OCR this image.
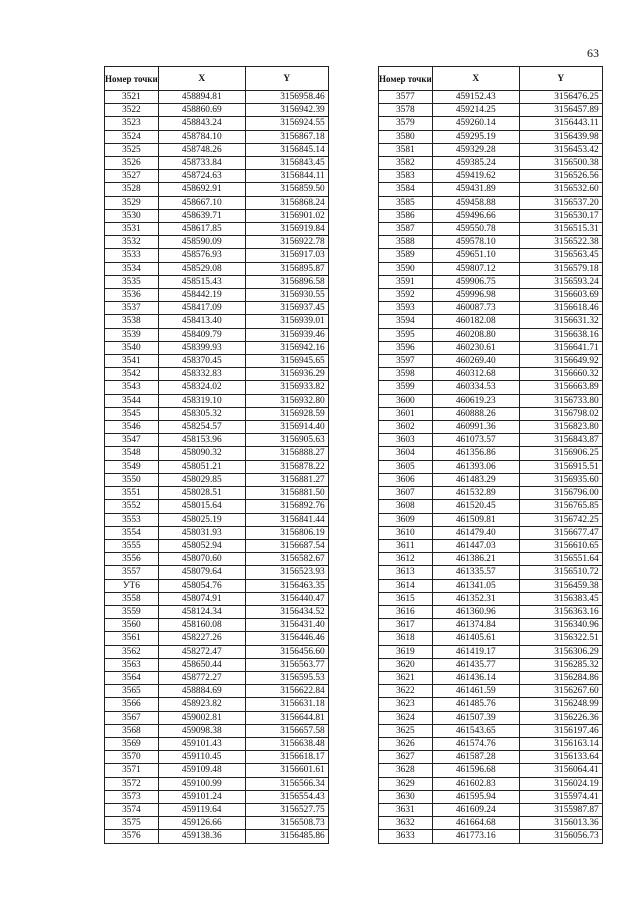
63
Номер точки	X	Y
3521	458894.81	3156958.46
3522	458860.69	3156942.39
3523	458843.24	3156924.55
3524	458784.10	3156867.18
3525	458748.26	3156845.14
3526	458733.84	3156843.45
3527	458724.63	3156844.11
3528	458692.91	3156859.50
3529	458667.10	3156868.24
3530	458639.71	3156901.02
3531	458617.85	3156919.84
3532	458590.09	3156922.78
3533	458576.93	3156917.03
3534	458529.08	3156895.87
3535	458515.43	3156896.58
3536	458442.19	3156930.55
3537	458417.09	3156937.45
3538	458413.40	3156939.01
3539	458409.79	3156939.46
3540	458399.93	3156942.16
3541	458370.45	3156945.65
3542	458332.83	3156936.29
3543	458324.02	3156933.82
3544	458319.10	3156932.80
3545	458305.32	3156928.59
3546	458254.57	3156914.40
3547	458153.96	3156905.63
3548	458090.32	3156888.27
3549	458051.21	3156878.22
3550	458029.85	3156881.27
3551	458028.51	3156881.50
3552	458015.64	3156892.76
3553	458025.19	3156841.44
3554	458031.93	3156806.19
3555	458052.94	3156687.54
3556	458070.60	3156582.67
3557	458079.64	3156523.93
УТ6	458054.76	3156463.35
3558	458074.91	3156440.47
3559	458124.34	3156434.52
3560	458160.08	3156431.40
3561	458227.26	3156446.46
3562	458272.47	3156456.60
3563	458650.44	3156563.77
3564	458772.27	3156595.53
3565	458884.69	3156622.84
3566	458923.82	3156631.18
3567	459002.81	3156644.81
3568	459098.38	3156657.58
3569	459101.43	3156638.48
3570	459110.45	3156618.17
3571	459109.48	3156601.61
3572	459100.99	3156566.34
3573	459101.24	3156554.43
3574	459119.64	3156527.75
3575	459126.66	3156508.73
3576	459138.36	3156485.86
Номер точки	X	Y
3577	459152.43	3156476.25
3578	459214.25	3156457.89
3579	459260.14	3156443.11
3580	459295.19	3156439.98
3581	459329.28	3156453.42
3582	459385.24	3156500.38
3583	459419.62	3156526.56
3584	459431.89	3156532.60
3585	459458.88	3156537.20
3586	459496.66	3156530.17
3587	459550.78	3156515.31
3588	459578.10	3156522.38
3589	459651.10	3156563.45
3590	459807.12	3156579.18
3591	459906.75	3156593.24
3592	459996.98	3156603.69
3593	460087.73	3156618.46
3594	460182.08	3156631.32
3595	460208.80	3156638.16
3596	460230.61	3156641.71
3597	460269.40	3156649.92
3598	460312.68	3156660.32
3599	460334.53	3156663.89
3600	460619.23	3156733.80
3601	460888.26	3156798.02
3602	460991.36	3156823.80
3603	461073.57	3156843.87
3604	461356.86	3156906.25
3605	461393.06	3156915.51
3606	461483.29	3156935.60
3607	461532.89	3156796.00
3608	461520.45	3156765.85
3609	461509.81	3156742.25
3610	461479.40	3156677.47
3611	461447.03	3156610.65
3612	461386.21	3156551.64
3613	461335.57	3156510.72
3614	461341.05	3156459.38
3615	461352.31	3156383.45
3616	461360.96	3156363.16
3617	461374.84	3156340.96
3618	461405.61	3156322.51
3619	461419.17	3156306.29
3620	461435.77	3156285.32
3621	461436.14	3156284.86
3622	461461.59	3156267.60
3623	461485.76	3156248.99
3624	461507.39	3156226.36
3625	461543.65	3156197.46
3626	461574.76	3156163.14
3627	461587.28	3156133.64
3628	461596.68	3156064.41
3629	461602.83	3156024.19
3630	461595.94	3155974.41
3631	461609.24	3155987.87
3632	461664.68	3156013.36
3633	461773.16	3156056.73
